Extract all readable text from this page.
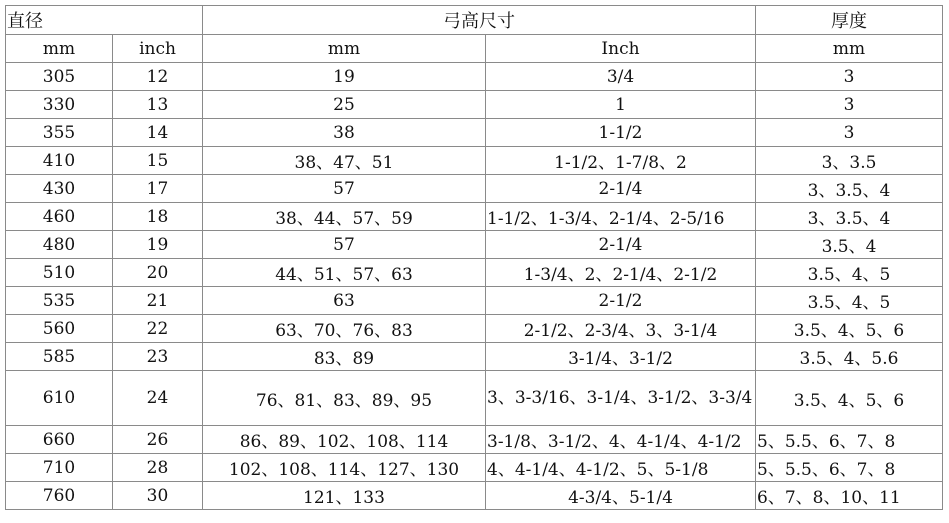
直径		弓高尺寸		厚度
mm	inch	mm	Inch	mm
305	12	19	3/4	3
330	13	25	1	3
355	14	38	1-1/2	3
410	15	38、47、51	1-1/2、1-7/8、2	3、3.5
430	17	57	2-1/4	3、3.5、4
460	18	38、44、57、59	1-1/2、1-3/4、2-1/4、2-5/16	3、3.5、4
480	19	57	2-1/4	3.5、4
510	20	44、51、57、63	1-3/4、2、2-1/4、2-1/2	3.5、4、5
535	21	63	2-1/2	3.5、4、5
560	22	63、70、76、83	2-1/2、2-3/4、3、3-1/4	3.5、4、5、6
585	23	83、89	3-1/4、3-1/2	3.5、4、5.6
610	24	76、81、83、89、95	3、3-3/16、3-1/4、3-1/2、3-3/4	3.5、4、5、6
660	26	86、89、102、108、114	3-1/8、3-1/2、4、4-1/4、4-1/2	5、5.5、6、7、8
710	28	102、108、114、127、130	4、4-1/4、4-1/2、5、5-1/8	5、5.5、6、7、8
760	30	121、133	4-3/4、5-1/4	6、7、8、10、11
